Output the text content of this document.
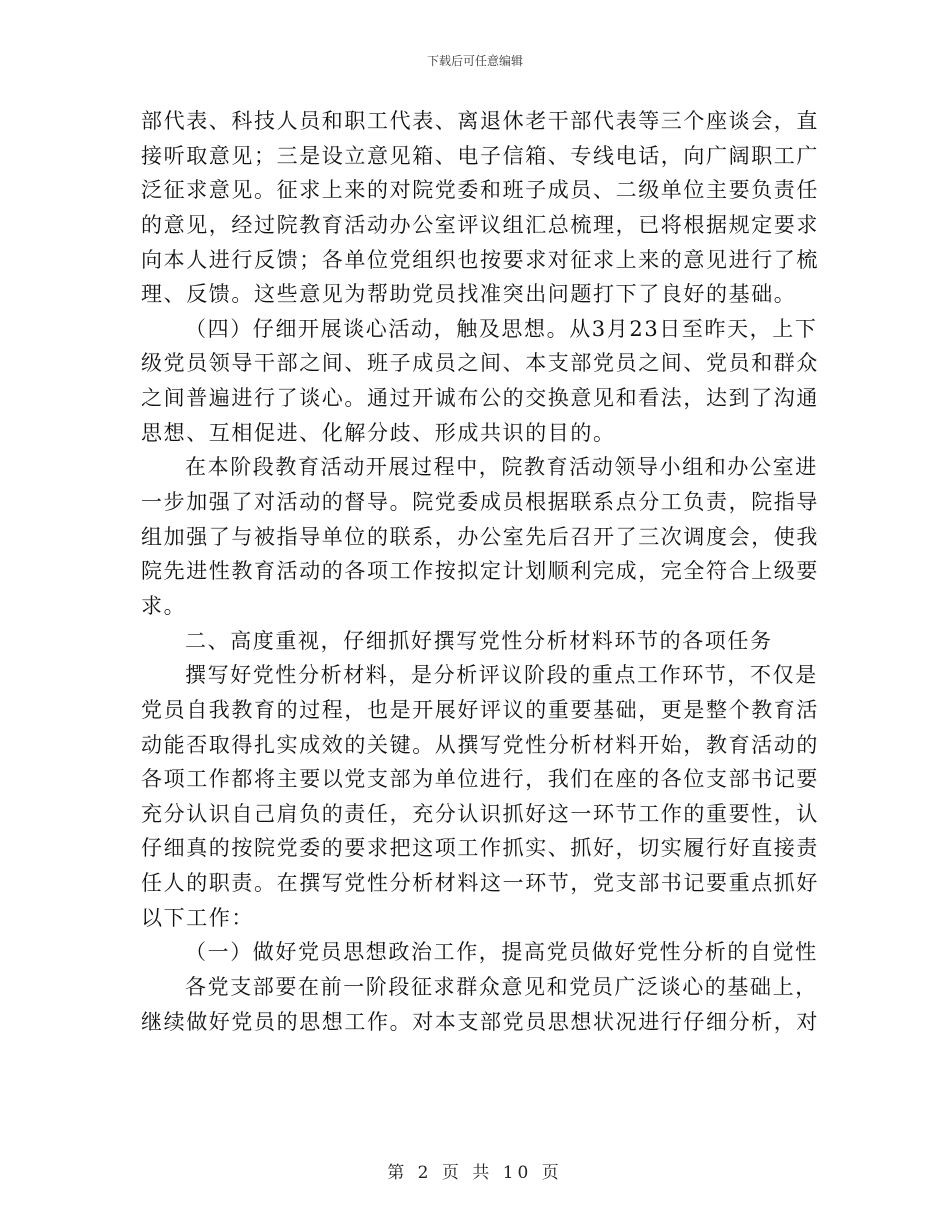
下载后可任意编辑
部代表、科技人员和职工代表、离退休老干部代表等三个座谈会，直
接听取意见；三是设立意见箱、电子信箱、专线电话，向广阔职工广
泛征求意见。征求上来的对院党委和班子成员、二级单位主要负责任
的意见，经过院教育活动办公室评议组汇总梳理，已将根据规定要求
向本人进行反馈；各单位党组织也按要求对征求上来的意见进行了梳
理、反馈。这些意见为帮助党员找准突出问题打下了良好的基础。
（四）仔细开展谈心活动，触及思想。从3月23日至昨天，上下
级党员领导干部之间、班子成员之间、本支部党员之间、党员和群众
之间普遍进行了谈心。通过开诚布公的交换意见和看法，达到了沟通
思想、互相促进、化解分歧、形成共识的目的。
在本阶段教育活动开展过程中，院教育活动领导小组和办公室进
一步加强了对活动的督导。院党委成员根据联系点分工负责，院指导
组加强了与被指导单位的联系，办公室先后召开了三次调度会，使我
院先进性教育活动的各项工作按拟定计划顺利完成，完全符合上级要
求。
二、高度重视，仔细抓好撰写党性分析材料环节的各项任务
撰写好党性分析材料，是分析评议阶段的重点工作环节，不仅是
党员自我教育的过程，也是开展好评议的重要基础，更是整个教育活
动能否取得扎实成效的关键。从撰写党性分析材料开始，教育活动的
各项工作都将主要以党支部为单位进行，我们在座的各位支部书记要
充分认识自己肩负的责任，充分认识抓好这一环节工作的重要性，认
仔细真的按院党委的要求把这项工作抓实、抓好，切实履行好直接责
任人的职责。在撰写党性分析材料这一环节，党支部书记要重点抓好
以下工作：
（一）做好党员思想政治工作，提高党员做好党性分析的自觉性
各党支部要在前一阶段征求群众意见和党员广泛谈心的基础上，
继续做好党员的思想工作。对本支部党员思想状况进行仔细分析，对
第 2 页 共 10 页
